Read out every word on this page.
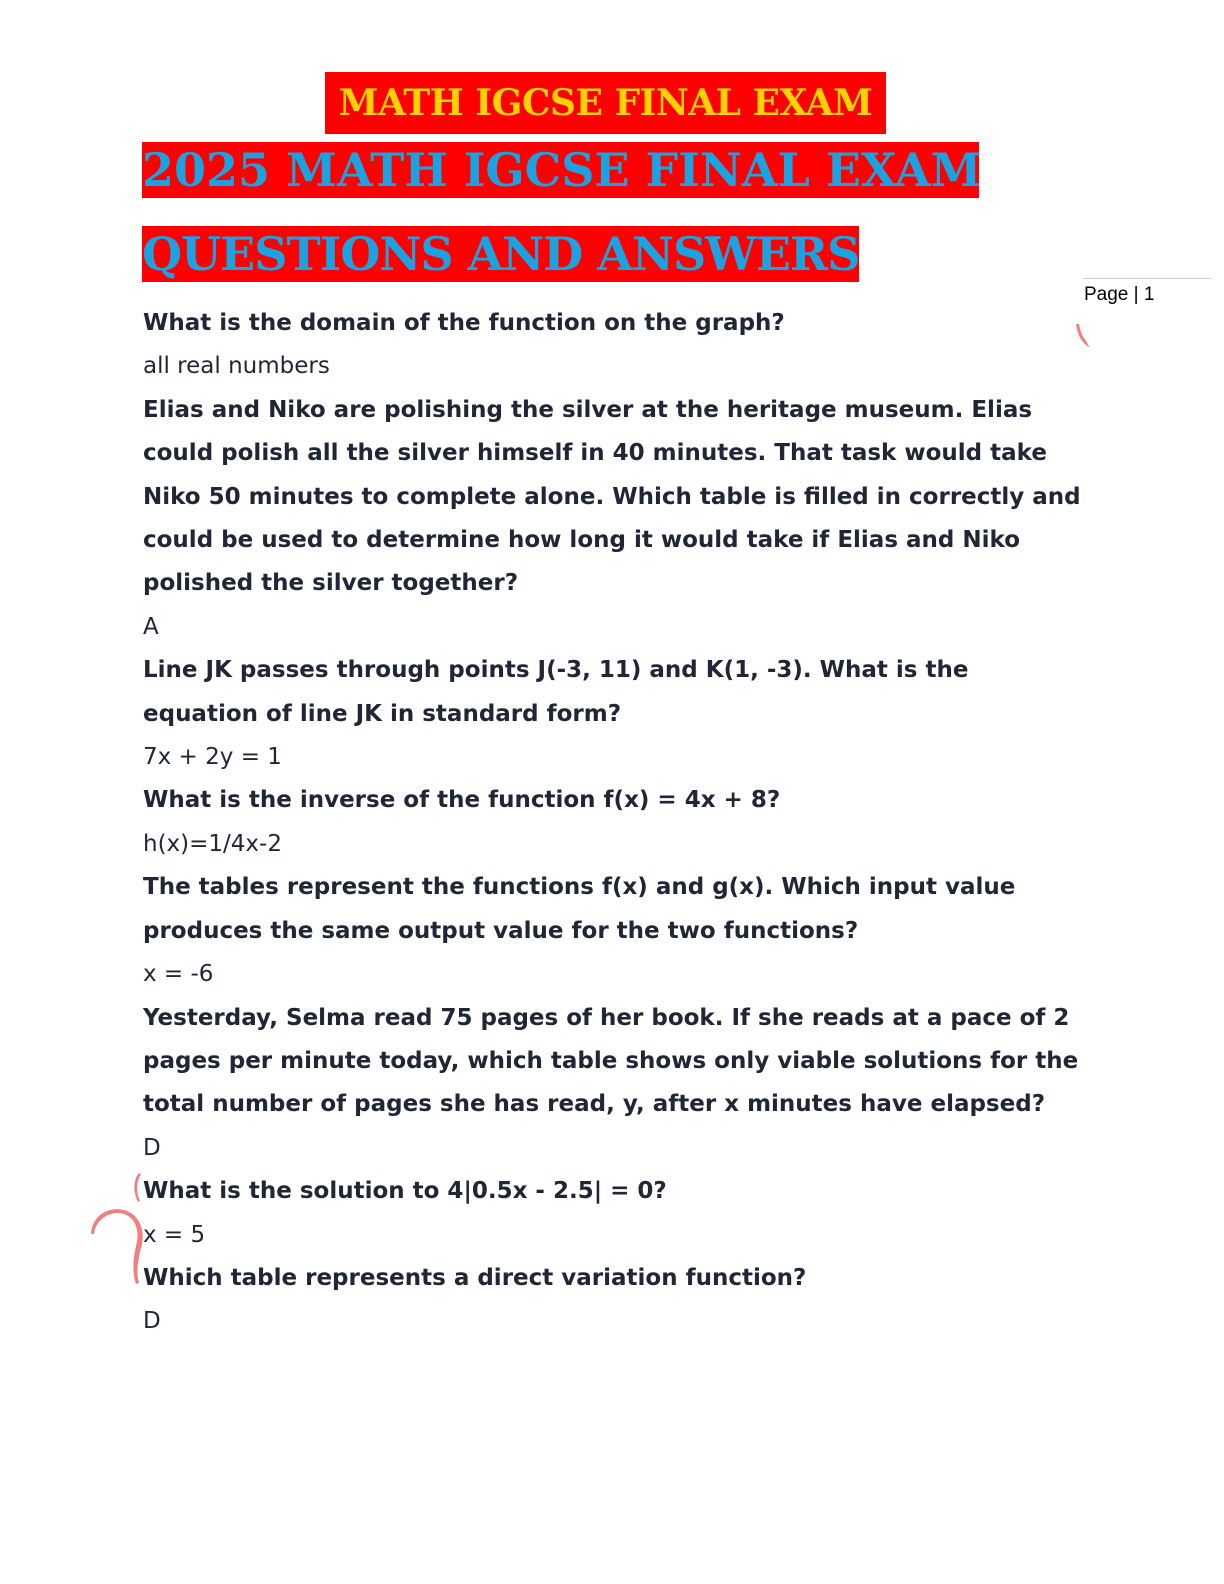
MATH IGCSE FINAL EXAM
2025 MATH IGCSE FINAL EXAM
QUESTIONS AND ANSWERS
Page | 1
What is the domain of the function on the graph?
all real numbers
Elias and Niko are polishing the silver at the heritage museum. Elias could polish all the silver himself in 40 minutes. That task would take Niko 50 minutes to complete alone. Which table is filled in correctly and could be used to determine how long it would take if Elias and Niko polished the silver together?
A
Line JK passes through points J(-3, 11) and K(1, -3). What is the equation of line JK in standard form?
7x + 2y = 1
What is the inverse of the function f(x) = 4x + 8?
h(x)=1/4x-2
The tables represent the functions f(x) and g(x). Which input value produces the same output value for the two functions?
x = -6
Yesterday, Selma read 75 pages of her book. If she reads at a pace of 2 pages per minute today, which table shows only viable solutions for the total number of pages she has read, y, after x minutes have elapsed?
D
What is the solution to 4|0.5x - 2.5| = 0?
x = 5
Which table represents a direct variation function?
D
